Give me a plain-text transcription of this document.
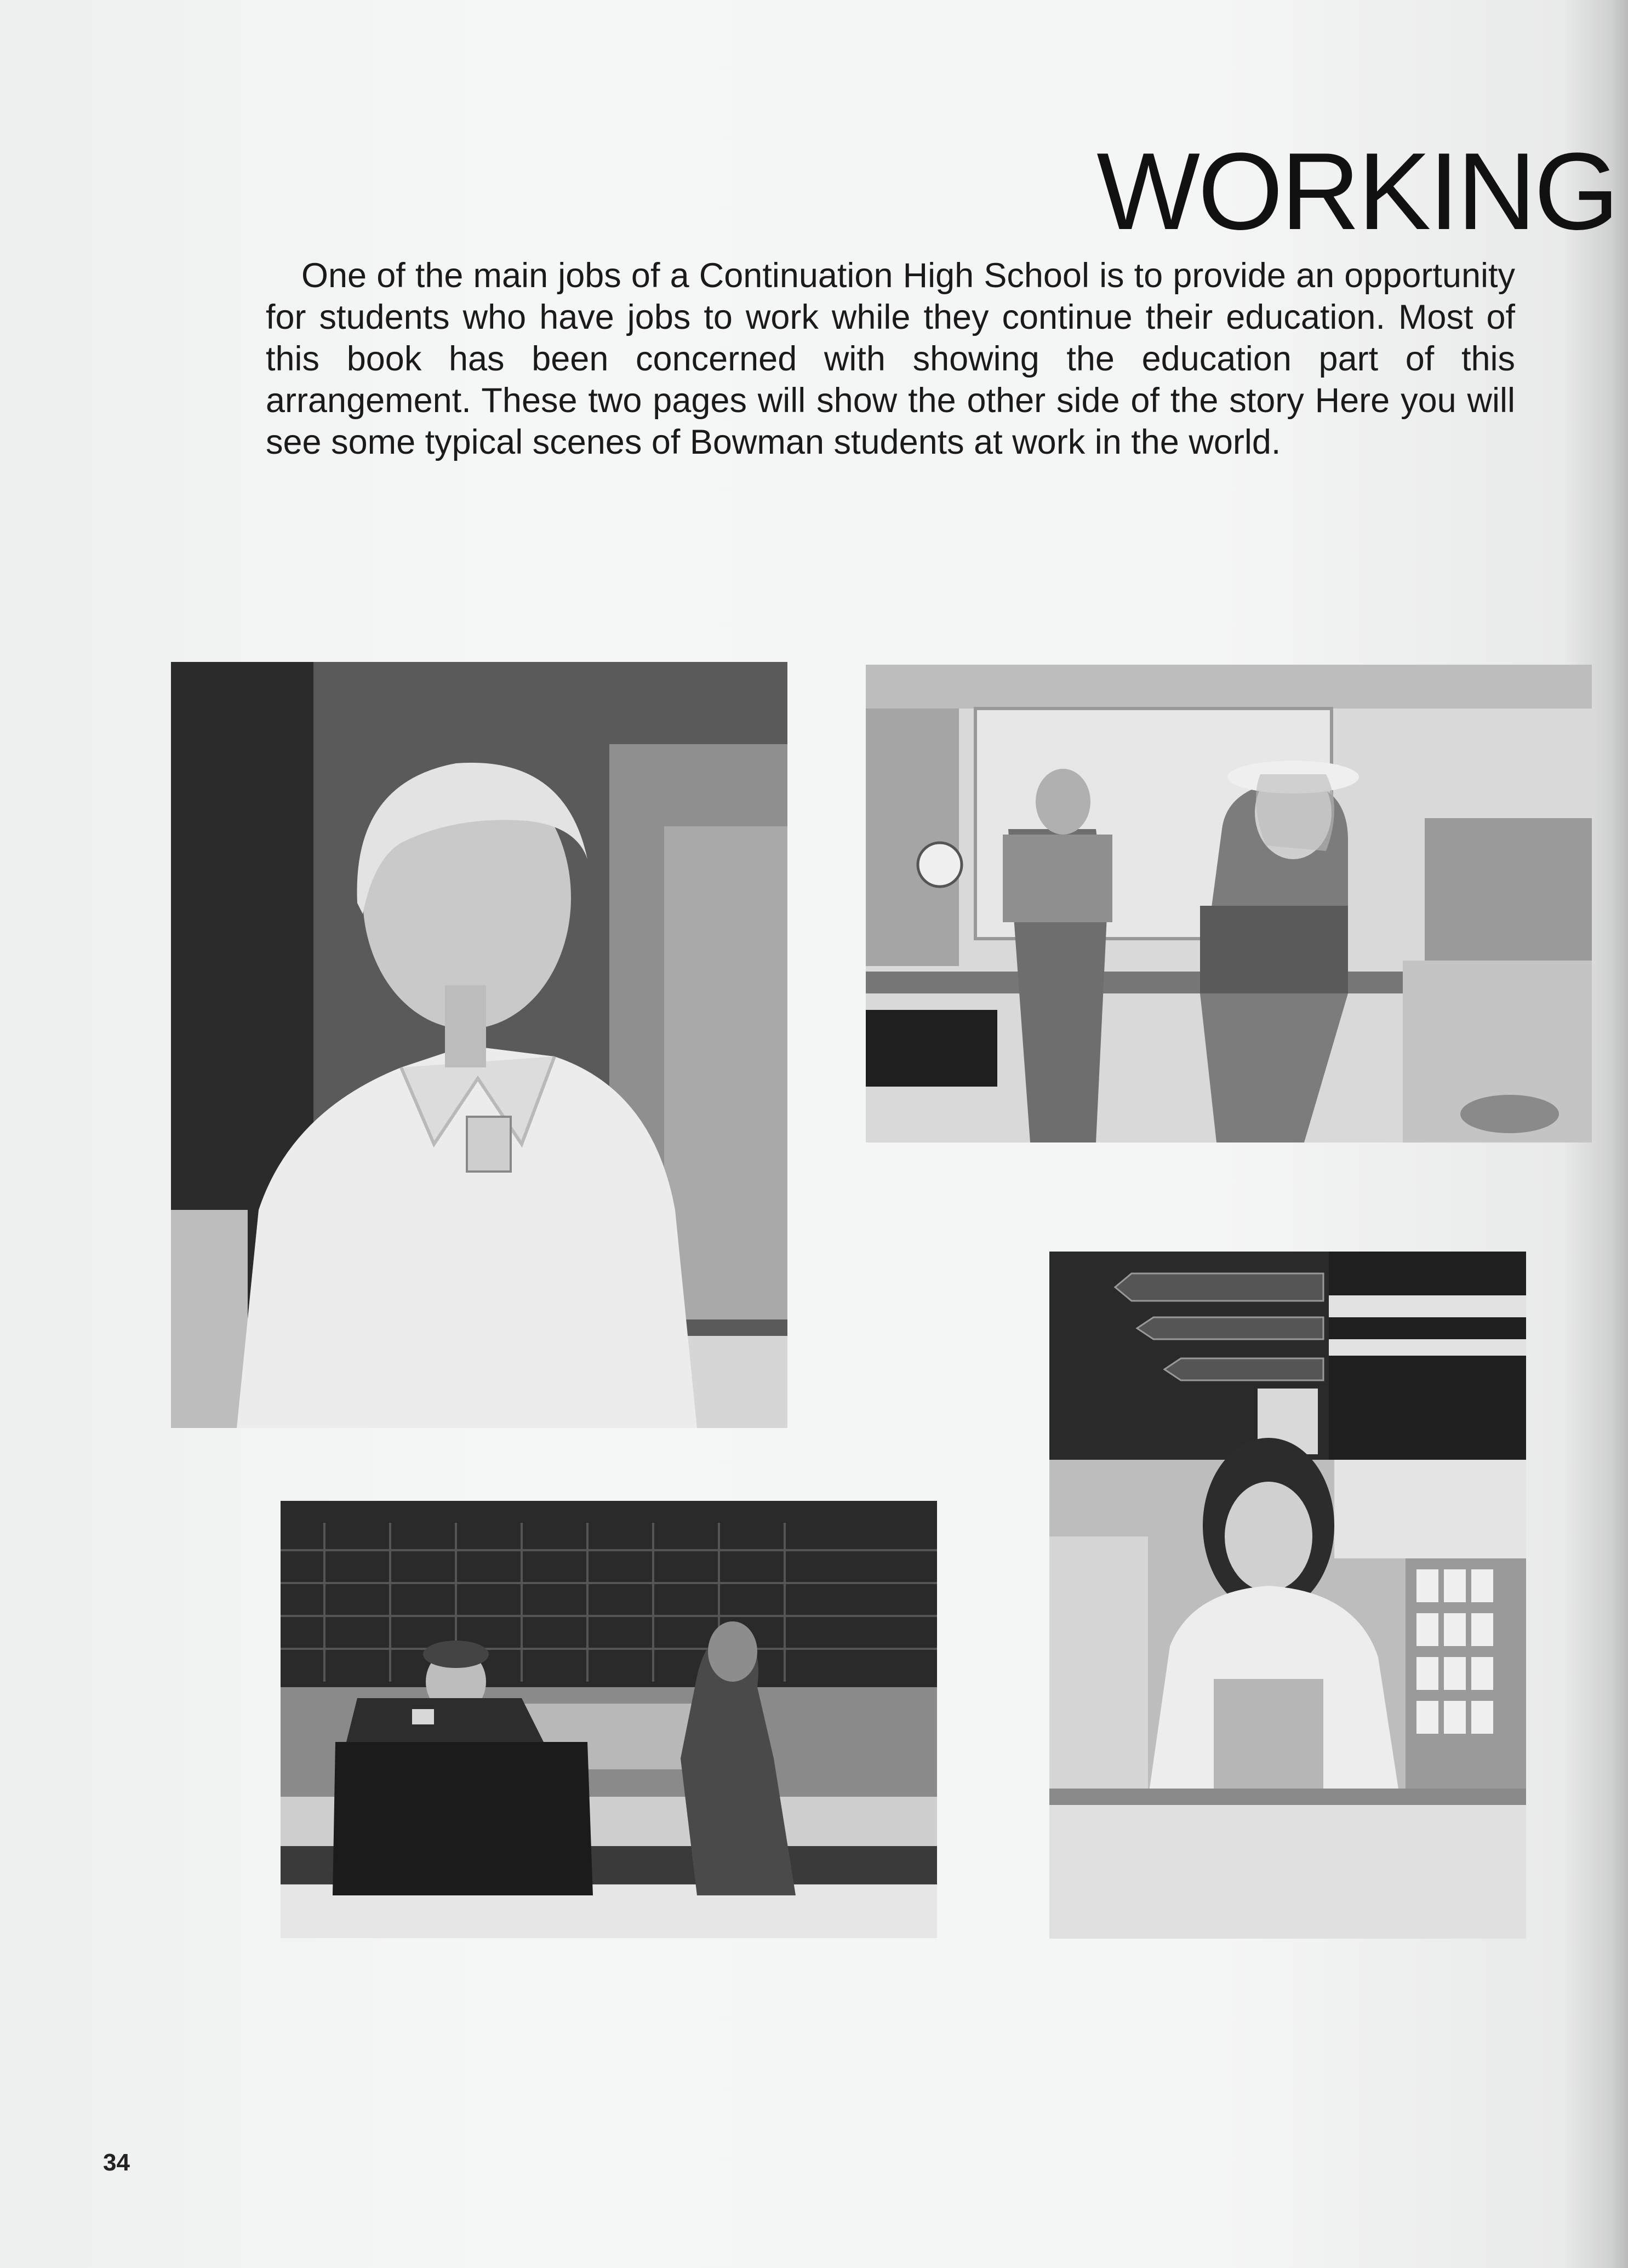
WORKING

One of the main jobs of a Continuation High School is to provide an opportunity for students who have jobs to work while they continue their education. Most of this book has been concerned with showing the education part of this arrangement. These two pages will show the other side of the story Here you will see some typical scenes of Bowman students at work in the world.

34
